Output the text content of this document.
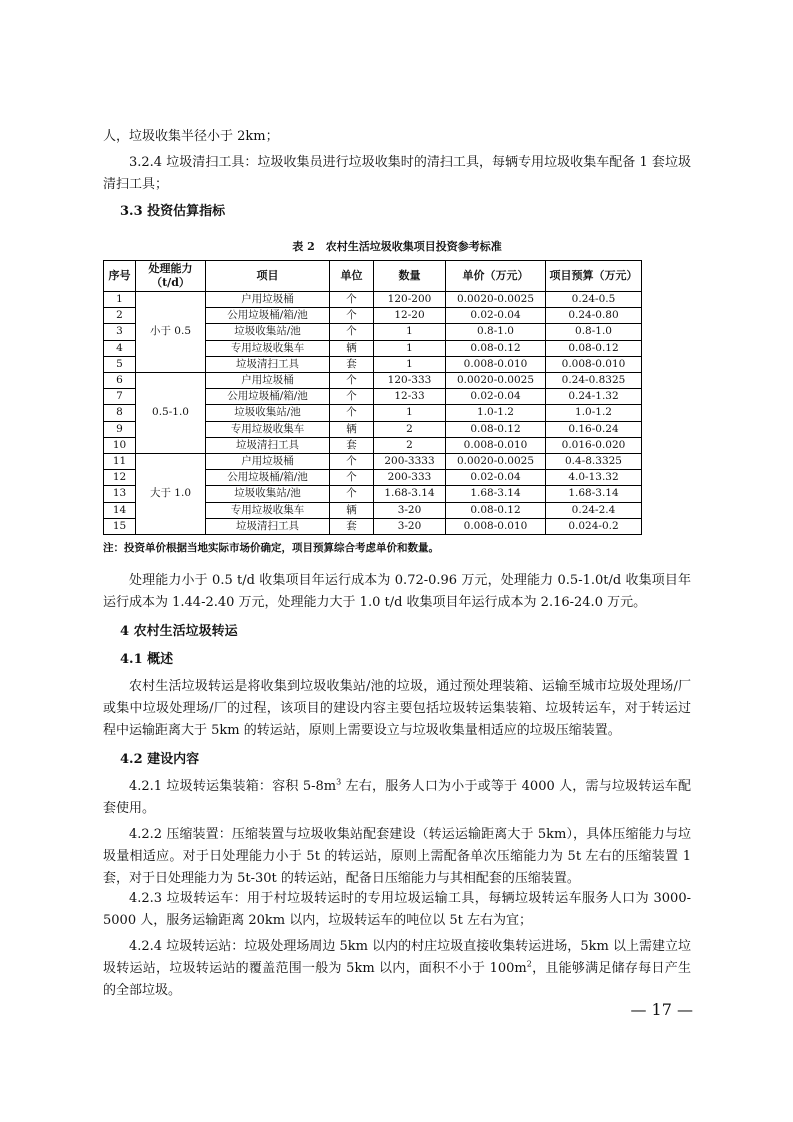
人，垃圾收集半径小于 2km；

3.2.4 垃圾清扫工具：垃圾收集员进行垃圾收集时的清扫工具，每辆专用垃圾收集车配备 1 套垃圾清扫工具；

3.3 投资估算指标

表 2　农村生活垃圾收集项目投资参考标准

序号	处理能力（t/d）	项目	单位	数量	单价（万元）	项目预算（万元）
1	小于 0.5	户用垃圾桶	个	120-200	0.0020-0.0025	0.24-0.5
2		公用垃圾桶/箱/池	个	12-20	0.02-0.04	0.24-0.80
3		垃圾收集站/池	个	1	0.8-1.0	0.8-1.0
4		专用垃圾收集车	辆	1	0.08-0.12	0.08-0.12
5		垃圾清扫工具	套	1	0.008-0.010	0.008-0.010
6	0.5-1.0	户用垃圾桶	个	120-333	0.0020-0.0025	0.24-0.8325
7		公用垃圾桶/箱/池	个	12-33	0.02-0.04	0.24-1.32
8		垃圾收集站/池	个	1	1.0-1.2	1.0-1.2
9		专用垃圾收集车	辆	2	0.08-0.12	0.16-0.24
10		垃圾清扫工具	套	2	0.008-0.010	0.016-0.020
11	大于 1.0	户用垃圾桶	个	200-3333	0.0020-0.0025	0.4-8.3325
12		公用垃圾桶/箱/池	个	200-333	0.02-0.04	4.0-13.32
13		垃圾收集站/池	个	1.68-3.14	1.68-3.14	1.68-3.14
14		专用垃圾收集车	辆	3-20	0.08-0.12	0.24-2.4
15		垃圾清扫工具	套	3-20	0.008-0.010	0.024-0.2

注：投资单价根据当地实际市场价确定，项目预算综合考虑单价和数量。

处理能力小于 0.5 t/d 收集项目年运行成本为 0.72-0.96 万元，处理能力 0.5-1.0t/d 收集项目年运行成本为 1.44-2.40 万元，处理能力大于 1.0 t/d 收集项目年运行成本为 2.16-24.0 万元。

4 农村生活垃圾转运

4.1 概述

农村生活垃圾转运是将收集到垃圾收集站/池的垃圾，通过预处理装箱、运输至城市垃圾处理场/厂或集中垃圾处理场/厂的过程，该项目的建设内容主要包括垃圾转运集装箱、垃圾转运车，对于转运过程中运输距离大于 5km 的转运站，原则上需要设立与垃圾收集量相适应的垃圾压缩装置。

4.2 建设内容

4.2.1 垃圾转运集装箱：容积 $5-8m^3$ 左右，服务人口为小于或等于 4000 人，需与垃圾转运车配套使用。

4.2.2 压缩装置：压缩装置与垃圾收集站配套建设（转运运输距离大于 5km），具体压缩能力与垃圾量相适应。对于日处理能力小于 5t 的转运站，原则上需配备单次压缩能力为 5t 左右的压缩装置 1 套，对于日处理能力为 5t-30t 的转运站，配备日压缩能力与其相配套的压缩装置。

4.2.3 垃圾转运车：用于村垃圾转运时的专用垃圾运输工具，每辆垃圾转运车服务人口为 3000-5000 人，服务运输距离 20km 以内，垃圾转运车的吨位以 5t 左右为宜；

4.2.4 垃圾转运站：垃圾处理场周边 5km 以内的村庄垃圾直接收集转运进场，5km 以上需建立垃圾转运站，垃圾转运站的覆盖范围一般为 5km 以内，面积不小于 $100m^2$，且能够满足储存每日产生的全部垃圾。

— 17 —
